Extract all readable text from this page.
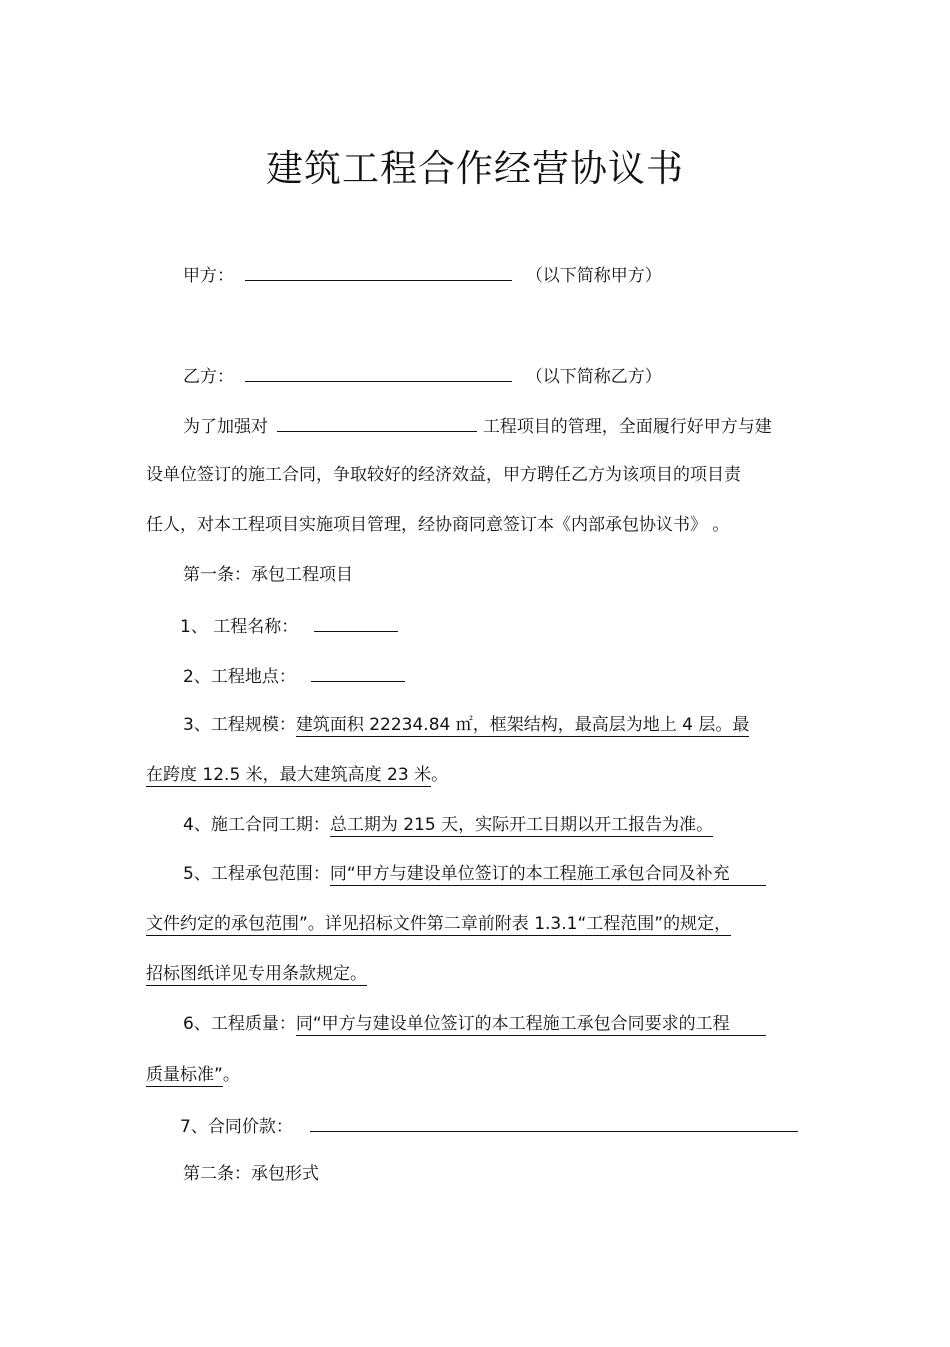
建筑工程合作经营协议书
甲方：	（以下简称甲方）
乙方：	（以下简称乙方）
为了加强对	工程项目的管理，全面履行好甲方与建
设单位签订的施工合同，争取较好的经济效益，甲方聘任乙方为该项目的项目责
任人，对本工程项目实施项目管理，经协商同意签订本《内部承包协议书》 。
第一条：承包工程项目
1、 工程名称：
2、工程地点：
3、工程规模：建筑面积 22234.84 ㎡，框架结构，最高层为地上 4 层。最
在跨度 12.5 米，最大建筑高度 23 米。
4、施工合同工期：总工期为 215 天，实际开工日期以开工报告为准。
5、工程承包范围：同“甲方与建设单位签订的本工程施工承包合同及补充
文件约定的承包范围”。详见招标文件第二章前附表 1.3.1“工程范围”的规定，
招标图纸详见专用条款规定。
6、工程质量：同“甲方与建设单位签订的本工程施工承包合同要求的工程
质量标准”。
7、合同价款：
第二条：承包形式
